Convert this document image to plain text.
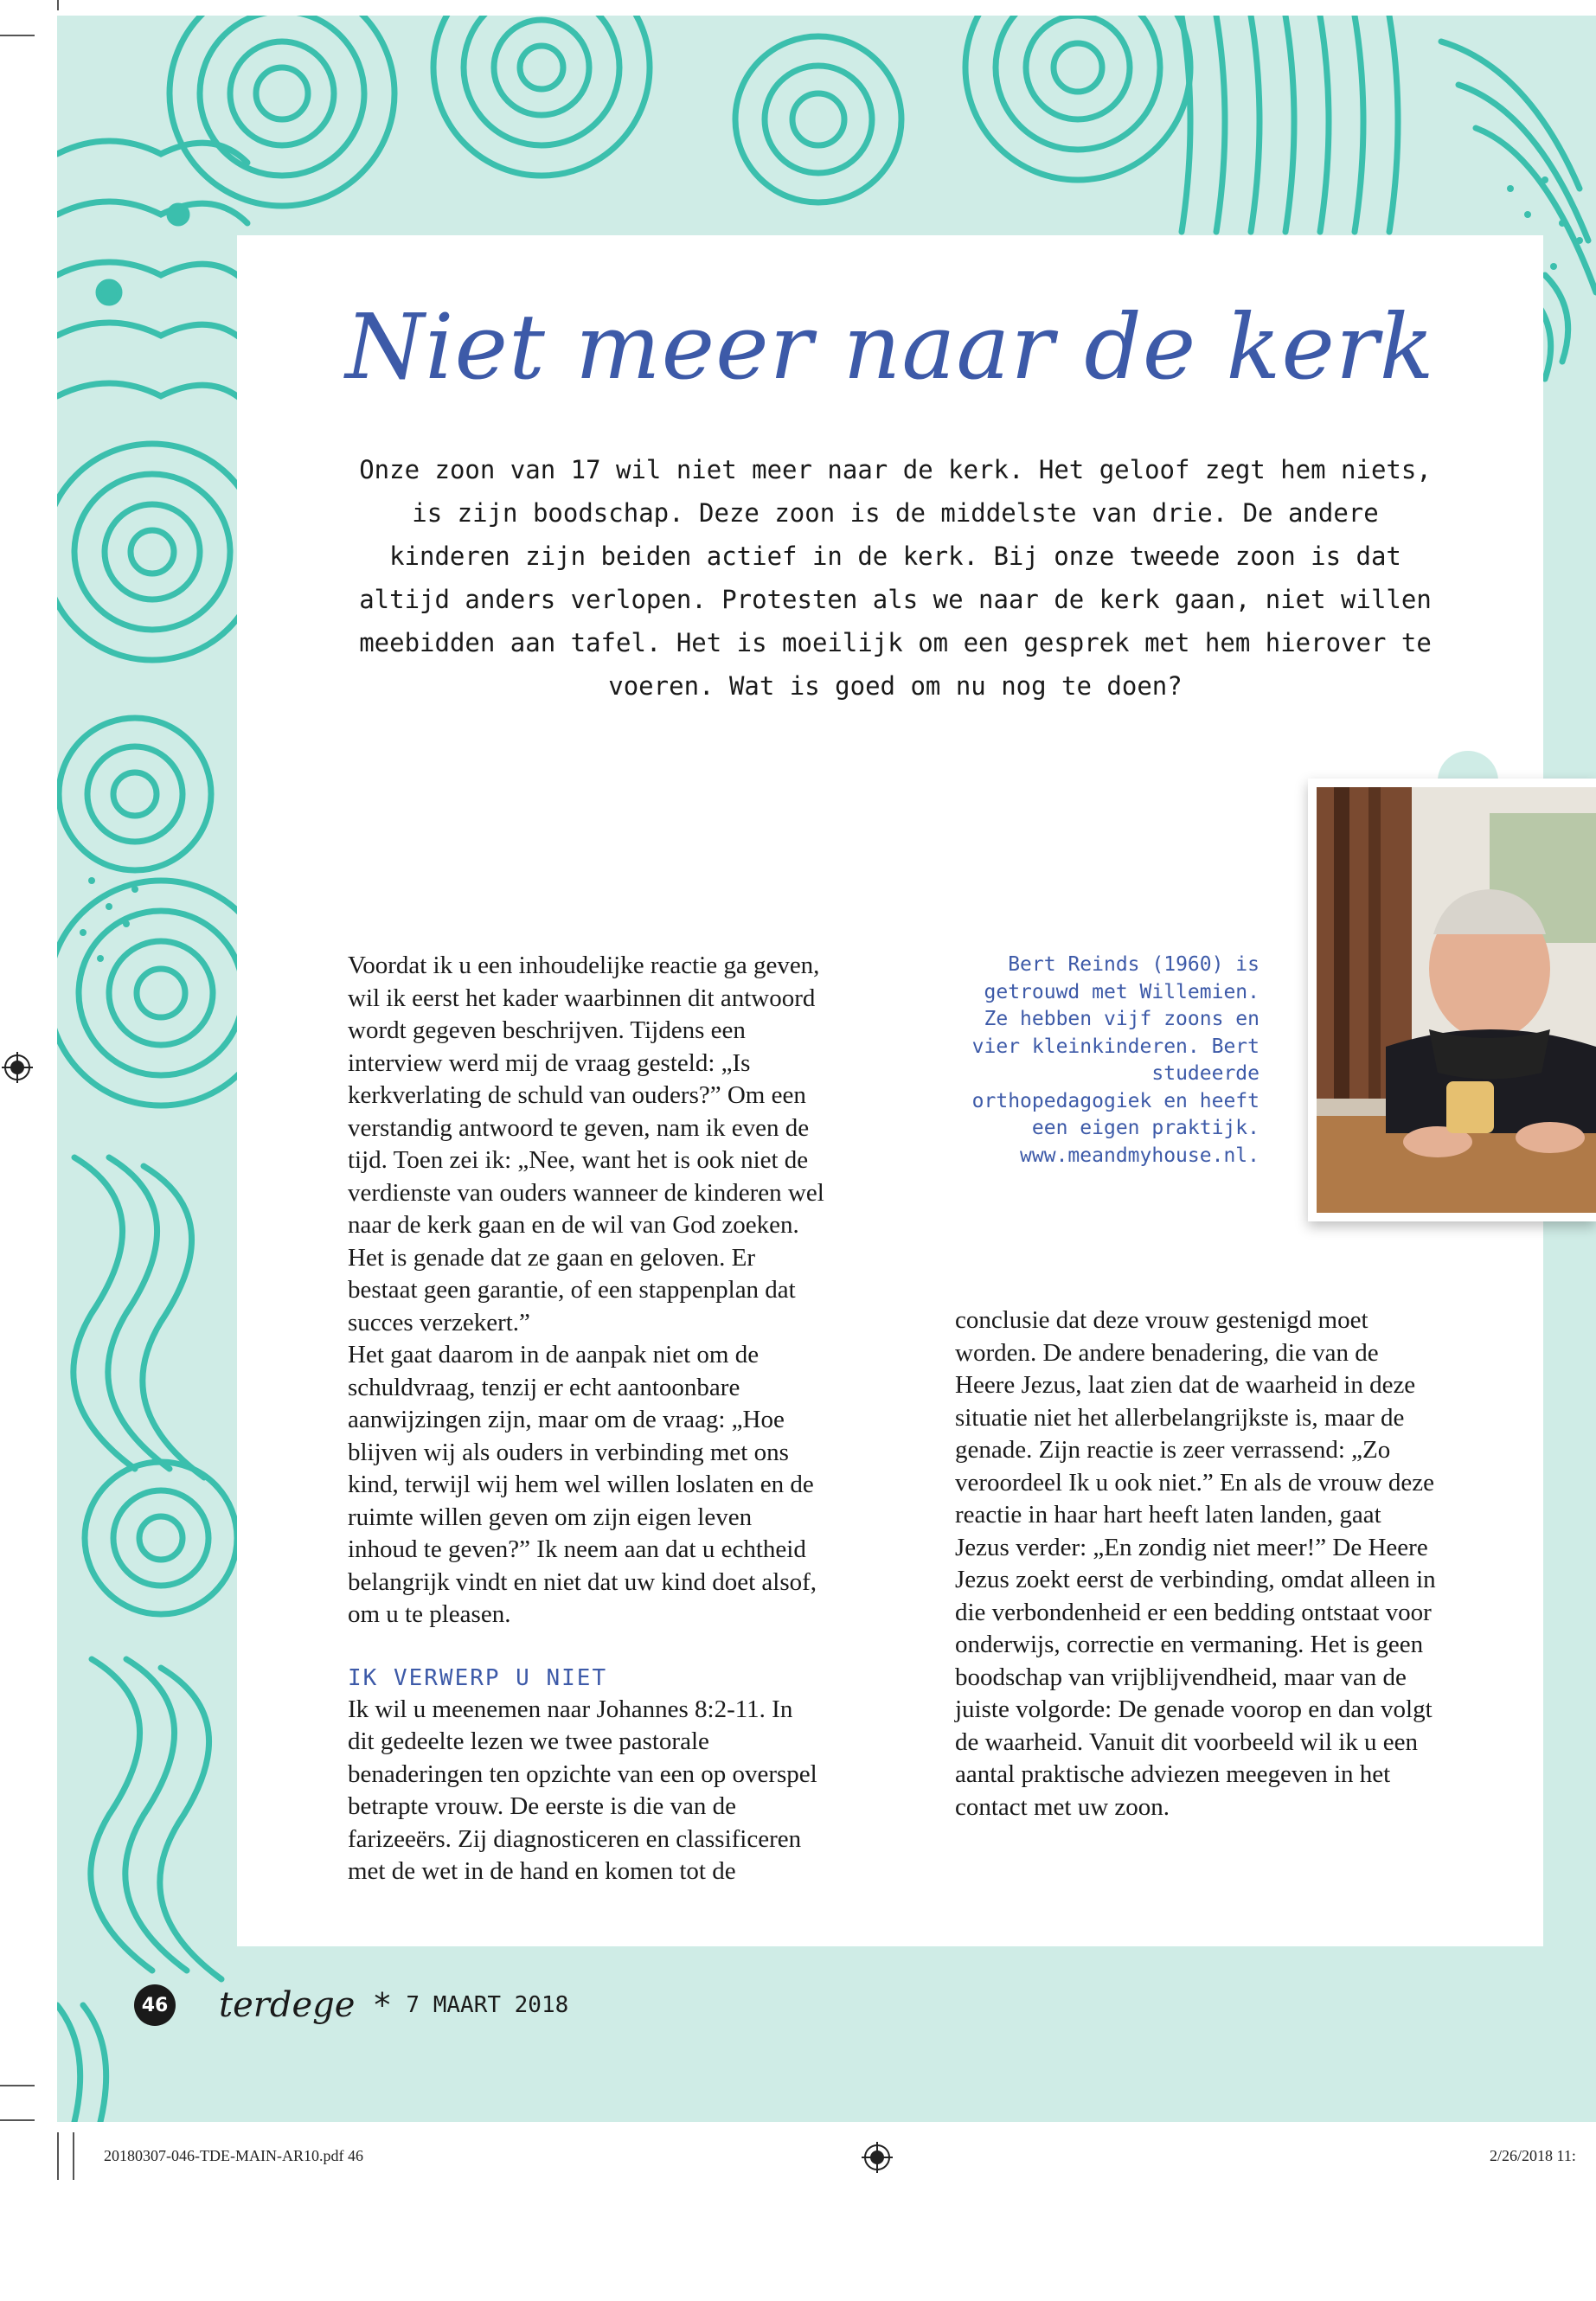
Niet meer naar de kerk

Onze zoon van 17 wil niet meer naar de kerk. Het geloof zegt hem niets, is zijn boodschap. Deze zoon is de middelste van drie. De andere kinderen zijn beiden actief in de kerk. Bij onze tweede zoon is dat altijd anders verlopen. Protesten als we naar de kerk gaan, niet willen meebidden aan tafel. Het is moeilijk om een gesprek met hem hierover te voeren. Wat is goed om nu nog te doen?

Bert Reinds (1960) is getrouwd met Willemien. Ze hebben vijf zoons en vier kleinkinderen. Bert studeerde orthopedagogiek en heeft een eigen praktijk. www.meandmyhouse.nl.

Voordat ik u een inhoudelijke reactie ga geven, wil ik eerst het kader waarbinnen dit antwoord wordt gegeven beschrijven. Tijdens een interview werd mij de vraag gesteld: „Is kerkverlating de schuld van ouders?” Om een verstandig antwoord te geven, nam ik even de tijd. Toen zei ik: „Nee, want het is ook niet de verdienste van ouders wanneer de kinderen wel naar de kerk gaan en de wil van God zoeken. Het is genade dat ze gaan en geloven. Er bestaat geen garantie, of een stappenplan dat succes verzekert.”

Het gaat daarom in de aanpak niet om de schuldvraag, tenzij er echt aantoonbare aanwijzingen zijn, maar om de vraag: „Hoe blijven wij als ouders in verbinding met ons kind, terwijl wij hem wel willen loslaten en de ruimte willen geven om zijn eigen leven inhoud te geven?” Ik neem aan dat u echtheid belangrijk vindt en niet dat uw kind doet alsof, om u te pleasen.

IK VERWERP U NIET

Ik wil u meenemen naar Johannes 8:2-11. In dit gedeelte lezen we twee pastorale benaderingen ten opzichte van een op overspel betrapte vrouw. De eerste is die van de farizeeërs. Zij diagnosticeren en classificeren met de wet in de hand en komen tot de

conclusie dat deze vrouw gestenigd moet worden. De andere benadering, die van de Heere Jezus, laat zien dat de waarheid in deze situatie niet het allerbelangrijkste is, maar de genade. Zijn reactie is zeer verrassend: „Zo veroordeel Ik u ook niet.” En als de vrouw deze reactie in haar hart heeft laten landen, gaat Jezus verder: „En zondig niet meer!” De Heere Jezus zoekt eerst de verbinding, omdat alleen in die verbondenheid er een bedding ontstaat voor onderwijs, correctie en vermaning. Het is geen boodschap van vrijblijvendheid, maar van de juiste volgorde: De genade voorop en dan volgt de waarheid. Vanuit dit voorbeeld wil ik u een aantal praktische adviezen meegeven in het contact met uw zoon.

46 terdege * 7 MAART 2018
20180307-046-TDE-MAIN-AR10.pdf 46	2/26/2018 11:
